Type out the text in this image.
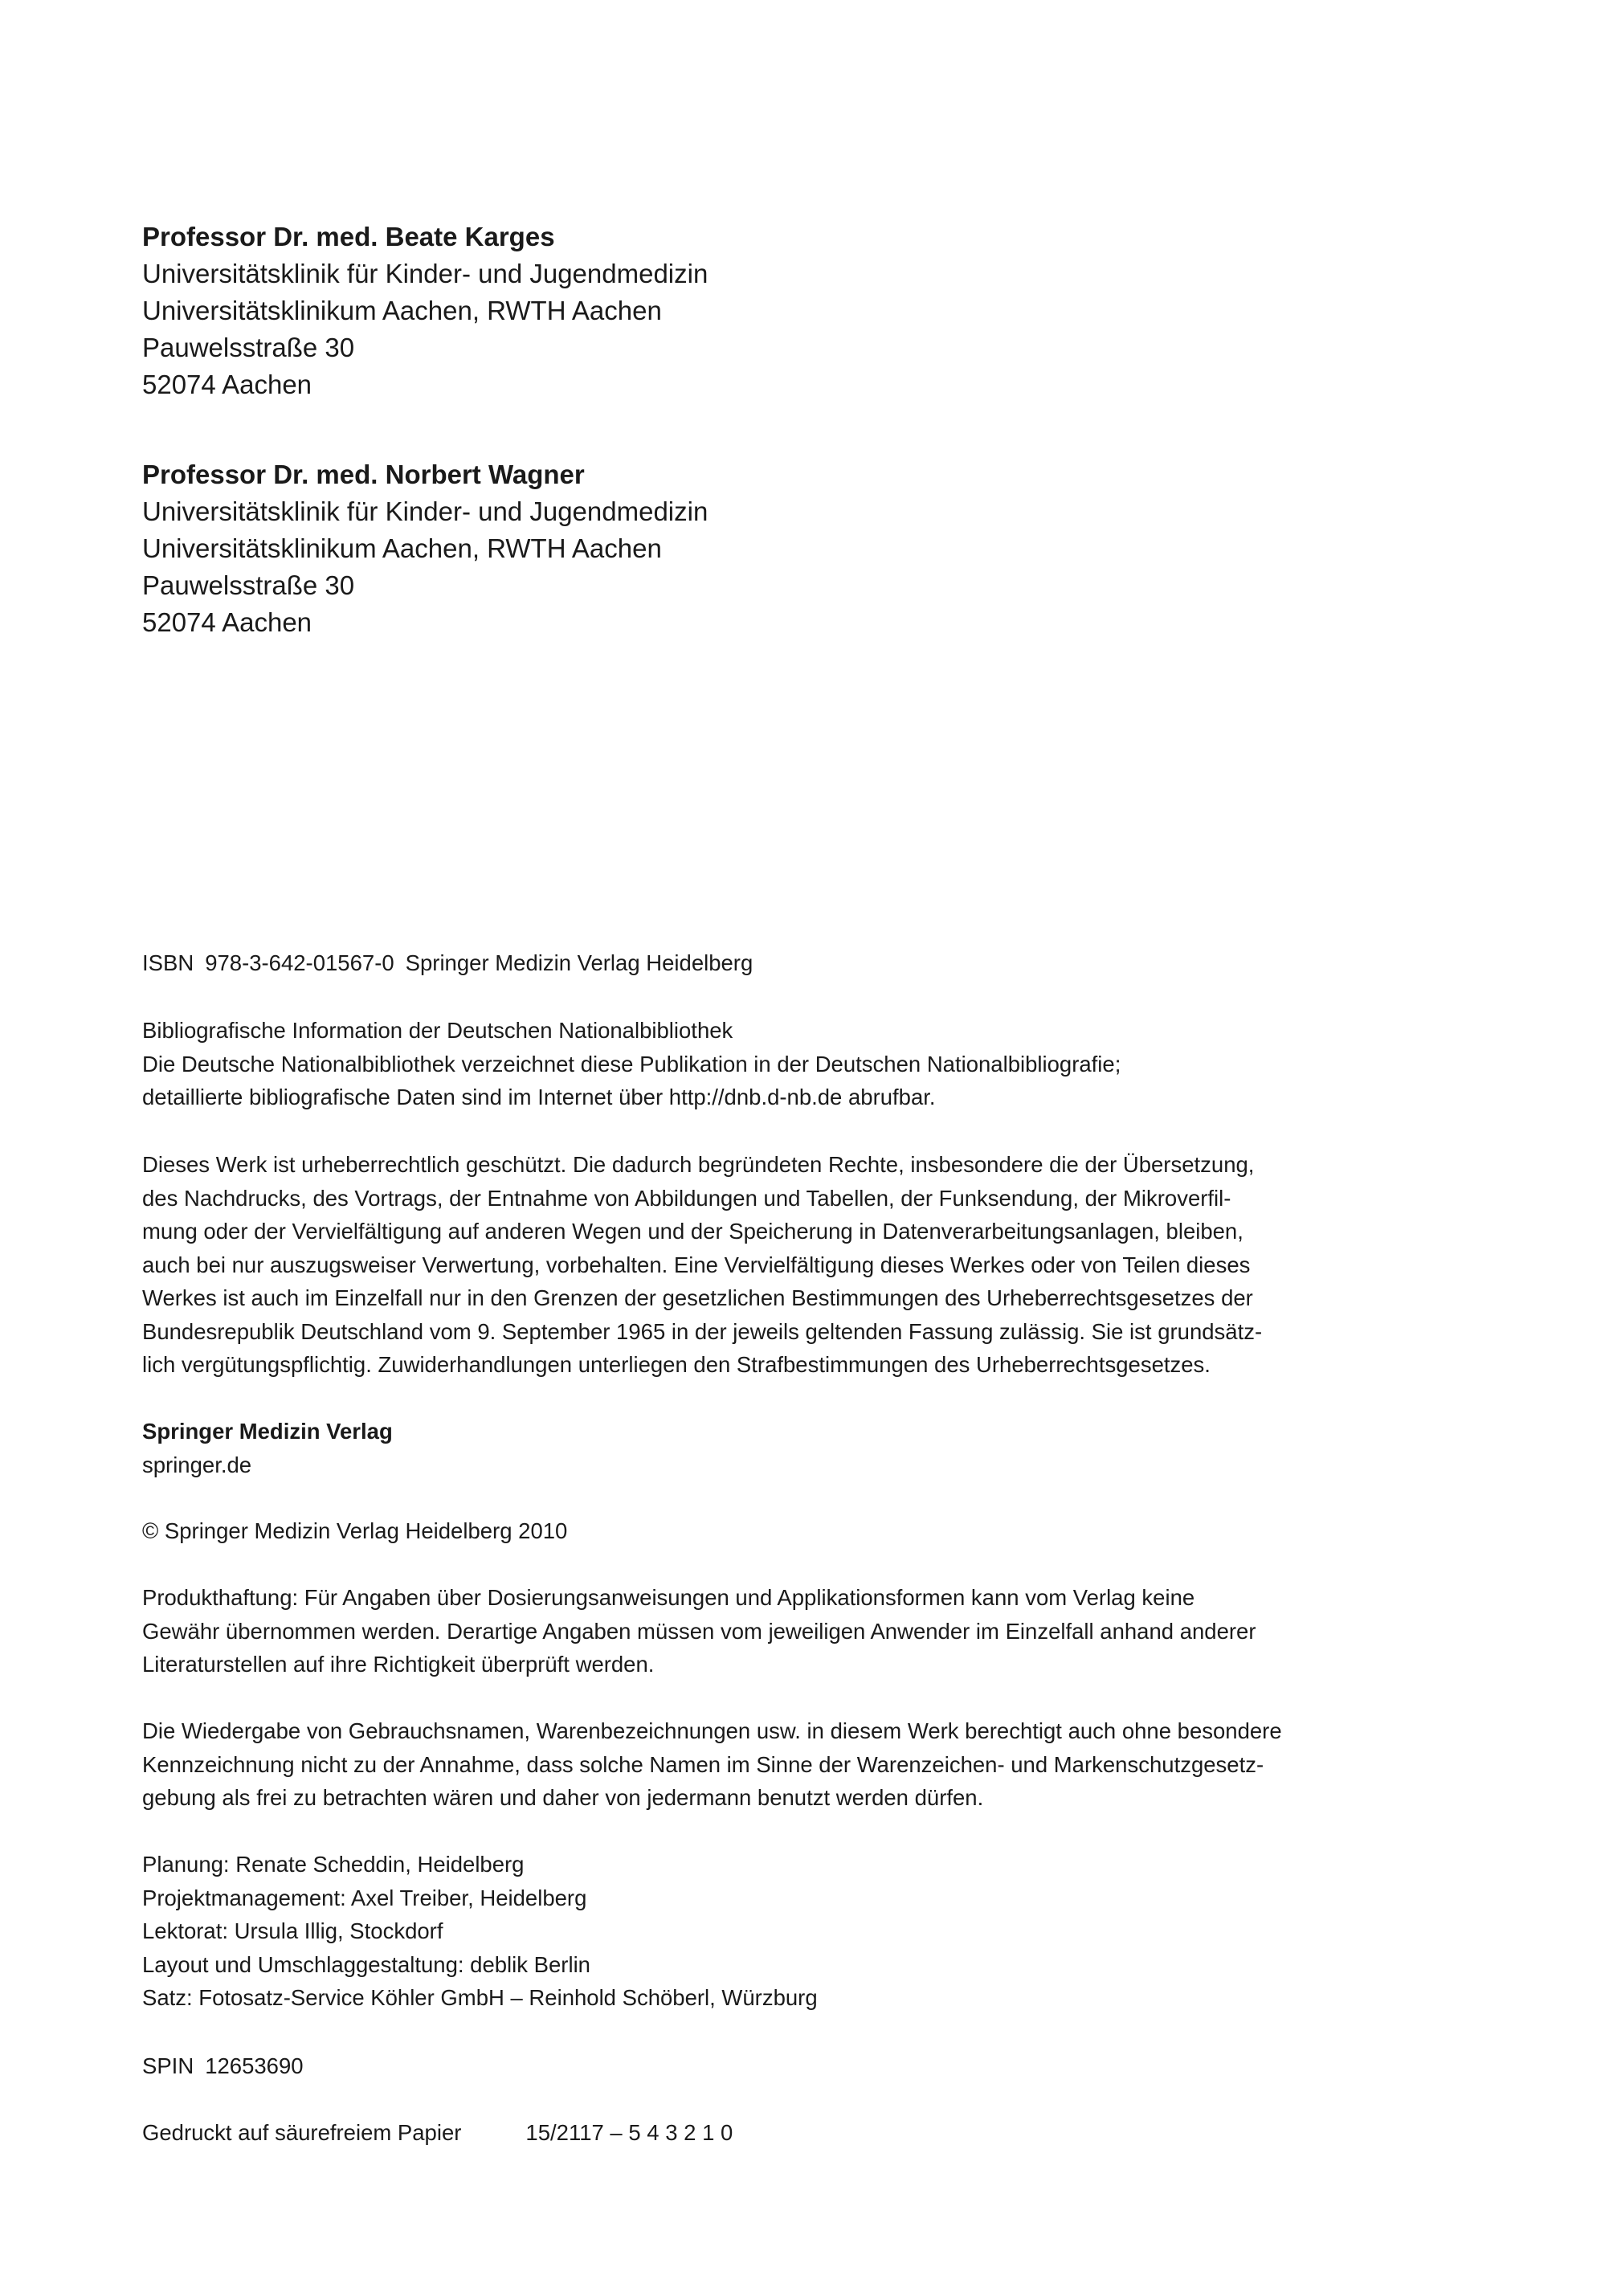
Professor Dr. med. Beate Karges
Universitätsklinik für Kinder- und Jugendmedizin
Universitätsklinikum Aachen, RWTH Aachen
Pauwelsstraße 30
52074 Aachen
Professor Dr. med. Norbert Wagner
Universitätsklinik für Kinder- und Jugendmedizin
Universitätsklinikum Aachen, RWTH Aachen
Pauwelsstraße 30
52074 Aachen
ISBN 978-3-642-01567-0 Springer Medizin Verlag Heidelberg
Bibliografische Information der Deutschen Nationalbibliothek
Die Deutsche Nationalbibliothek verzeichnet diese Publikation in der Deutschen Nationalbibliografie;
detaillierte bibliografische Daten sind im Internet über http://dnb.d-nb.de abrufbar.
Dieses Werk ist urheberrechtlich geschützt. Die dadurch begründeten Rechte, insbesondere die der Übersetzung,
des Nachdrucks, des Vortrags, der Entnahme von Abbildungen und Tabellen, der Funksendung, der Mikroverfil-
mung oder der Vervielfältigung auf anderen Wegen und der Speicherung in Datenverarbeitungsanlagen, bleiben,
auch bei nur auszugsweiser Verwertung, vorbehalten. Eine Vervielfältigung dieses Werkes oder von Teilen dieses
Werkes ist auch im Einzelfall nur in den Grenzen der gesetzlichen Bestimmungen des Urheberrechtsgesetzes der
Bundesrepublik Deutschland vom 9. September 1965 in der jeweils geltenden Fassung zulässig. Sie ist grundsätz-
lich vergütungspflichtig. Zuwiderhandlungen unterliegen den Strafbestimmungen des Urheberrechtsgesetzes.
Springer Medizin Verlag
springer.de
© Springer Medizin Verlag Heidelberg 2010
Produkthaftung: Für Angaben über Dosierungsanweisungen und Applikationsformen kann vom Verlag keine
Gewähr übernommen werden. Derartige Angaben müssen vom jeweiligen Anwender im Einzelfall anhand anderer
Literaturstellen auf ihre Richtigkeit überprüft werden.
Die Wiedergabe von Gebrauchsnamen, Warenbezeichnungen usw. in diesem Werk berechtigt auch ohne besondere
Kennzeichnung nicht zu der Annahme, dass solche Namen im Sinne der Warenzeichen- und Markenschutzgesetz-
gebung als frei zu betrachten wären und daher von jedermann benutzt werden dürfen.
Planung: Renate Scheddin, Heidelberg
Projektmanagement: Axel Treiber, Heidelberg
Lektorat: Ursula Illig, Stockdorf
Layout und Umschlaggestaltung: deblik Berlin
Satz: Fotosatz-Service Köhler GmbH – Reinhold Schöberl, Würzburg
SPIN 12653690
Gedruckt auf säurefreiem Papier	15/2117 – 5 4 3 2 1 0
